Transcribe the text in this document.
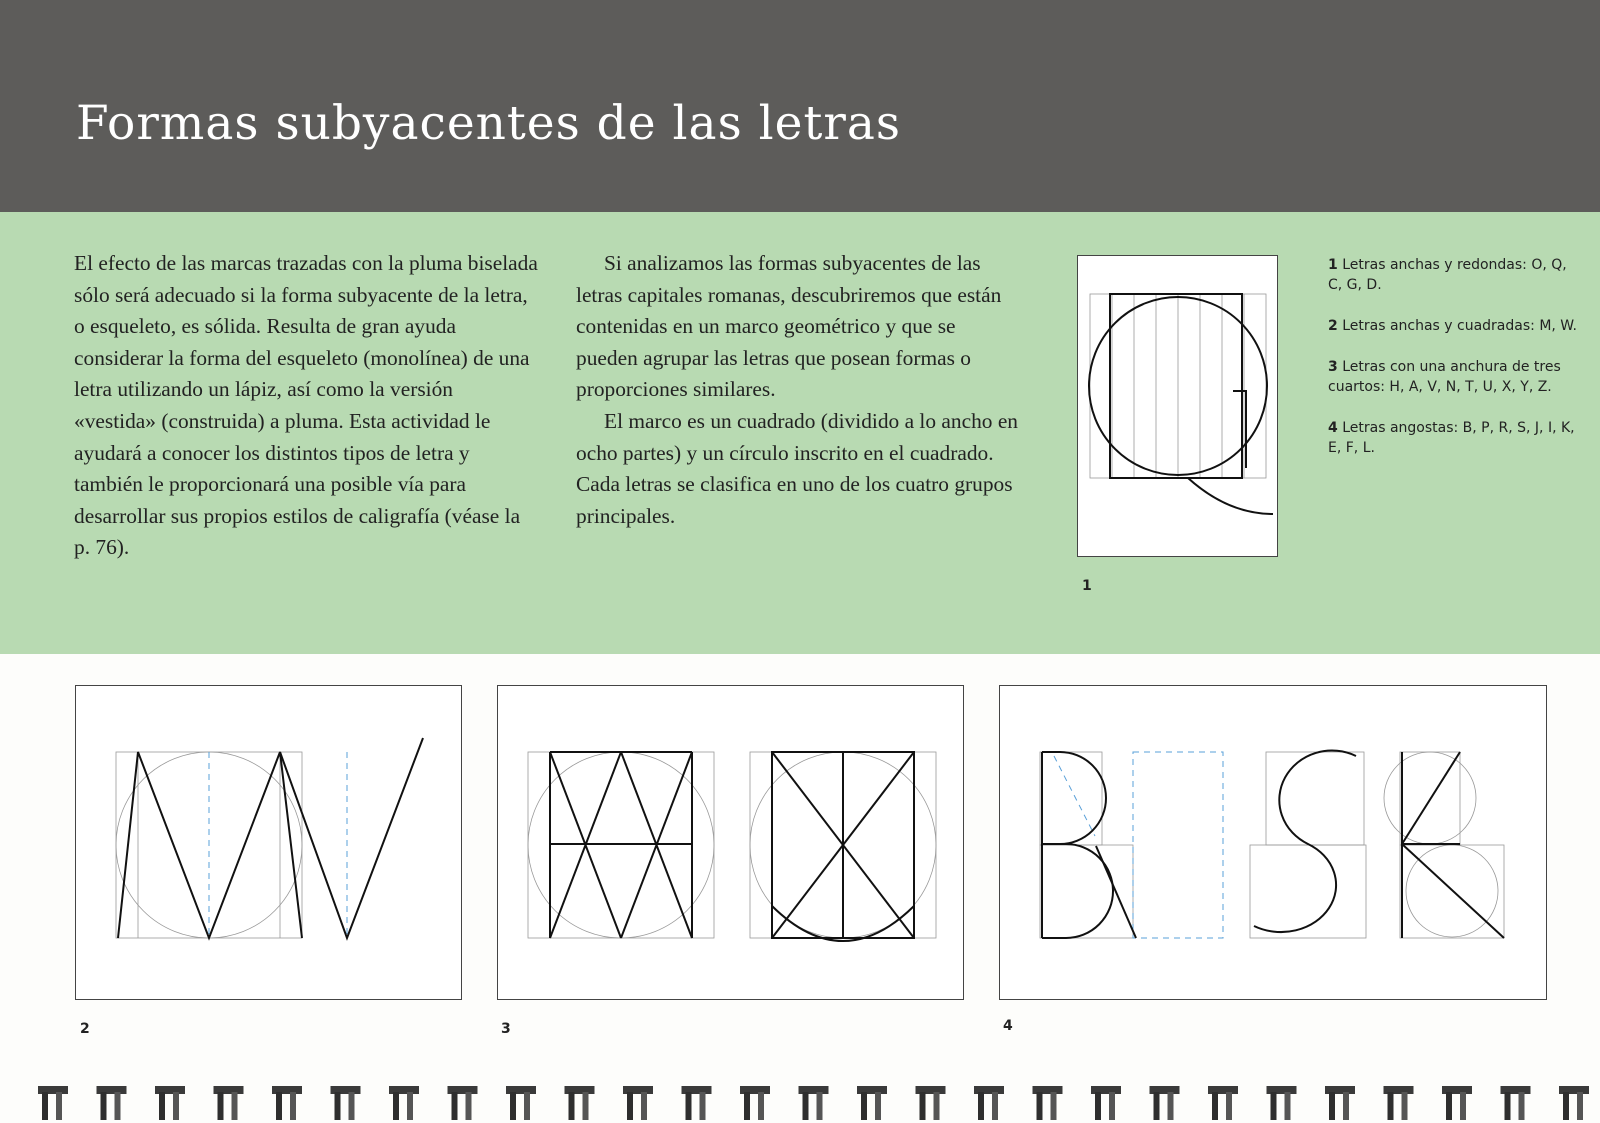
Formas subyacentes de las letras

El efecto de las marcas trazadas con la pluma biselada sólo será adecuado si la forma subyacente de la letra, o esqueleto, es sólida. Resulta de gran ayuda considerar la forma del esqueleto (monolínea) de una letra utilizando un lápiz, así como la versión «vestida» (construida) a pluma. Esta actividad le ayudará a conocer los distintos tipos de letra y también le proporcionará una posible vía para desarrollar sus propios estilos de caligrafía (véase la p. 76).

Si analizamos las formas subyacentes de las letras capitales romanas, descubriremos que están contenidas en un marco geométrico y que se pueden agrupar las letras que posean formas o proporciones similares.

El marco es un cuadrado (dividido a lo ancho en ocho partes) y un círculo inscrito en el cuadrado. Cada letras se clasifica en uno de los cuatro grupos principales.

1

1 Letras anchas y redondas: O, Q, C, G, D.

2 Letras anchas y cuadradas: M, W.

3 Letras con una anchura de tres cuartos: H, A, V, N, T, U, X, Y, Z.

4 Letras angostas: B, P, R, S, J, I, K, E, F, L.

2	3	4
